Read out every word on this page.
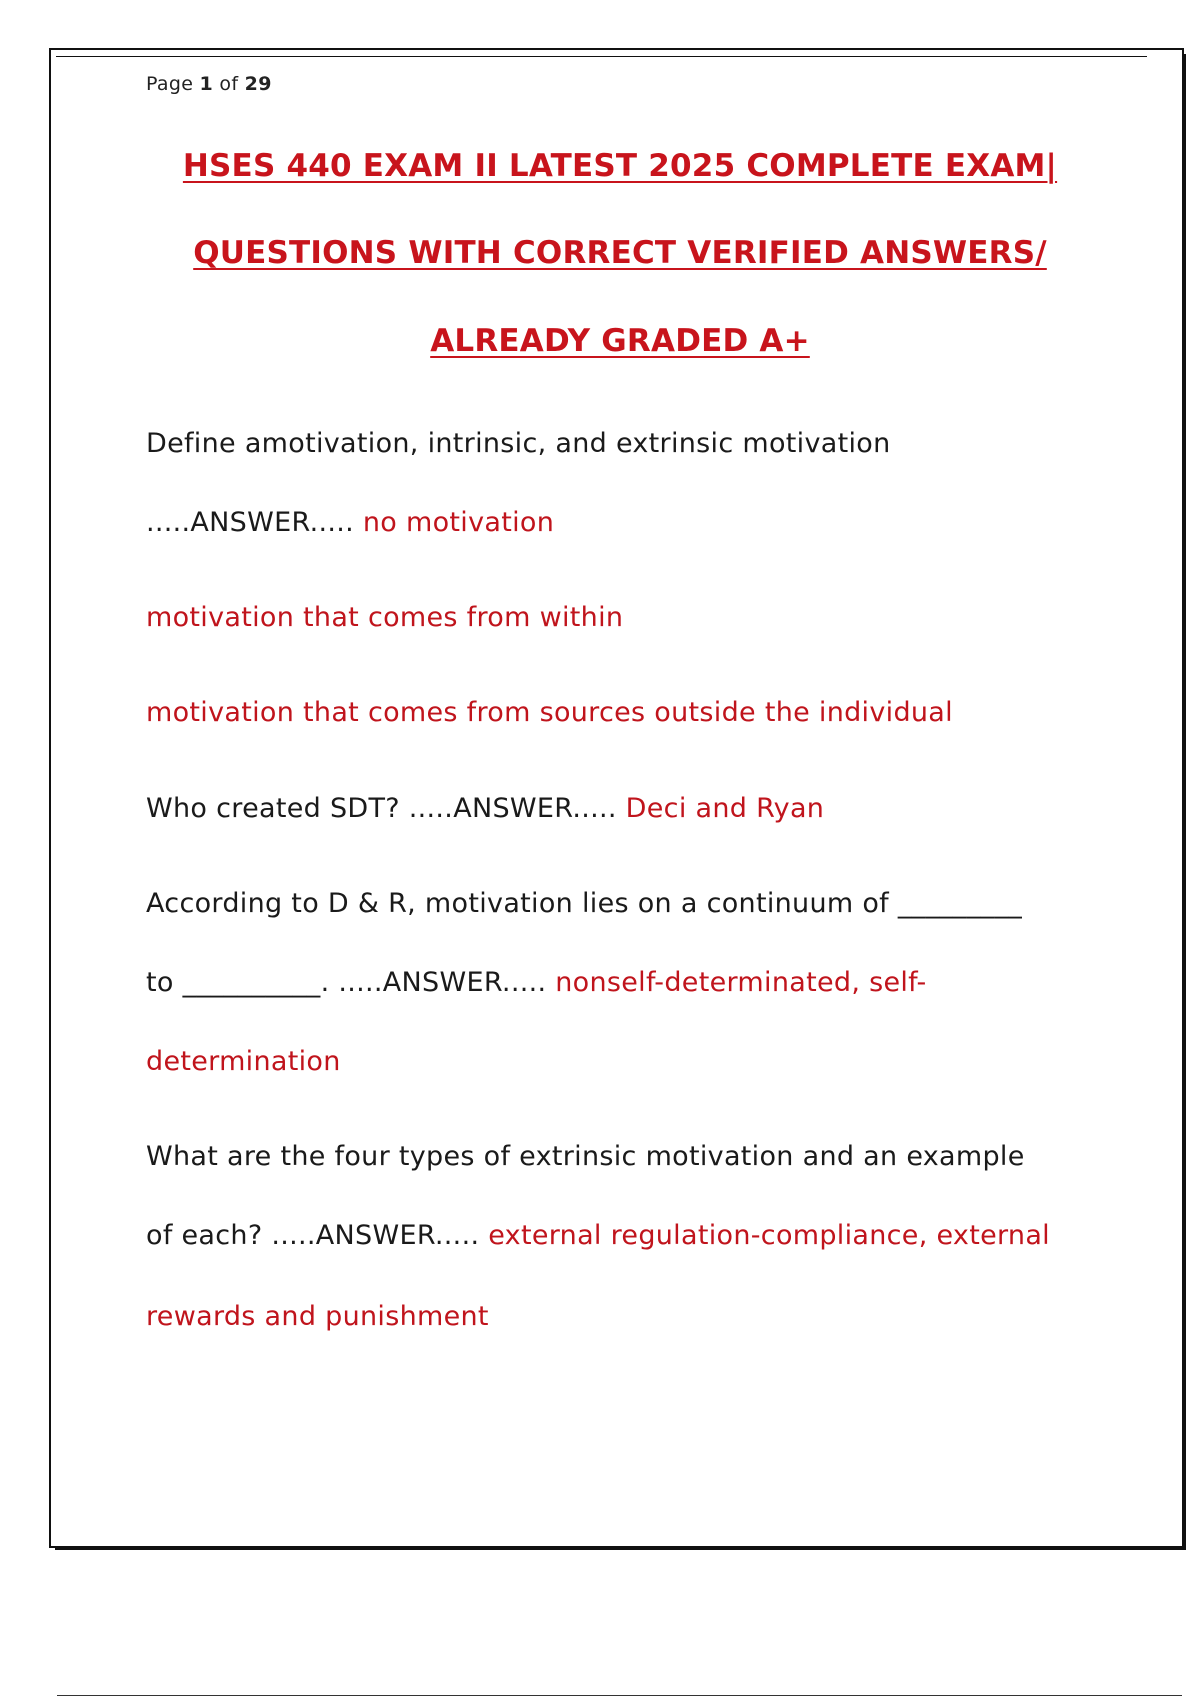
Page 1 of 29
HSES 440 EXAM II LATEST 2025 COMPLETE EXAM|
QUESTIONS WITH CORRECT VERIFIED ANSWERS/
ALREADY GRADED A+
Define amotivation, intrinsic, and extrinsic motivation
.....ANSWER..... no motivation
motivation that comes from within
motivation that comes from sources outside the individual
Who created SDT? .....ANSWER..... Deci and Ryan
According to D & R, motivation lies on a continuum of _________
to __________. .....ANSWER..... nonself-determinated, self-
determination
What are the four types of extrinsic motivation and an example
of each? .....ANSWER..... external regulation-compliance, external
rewards and punishment
